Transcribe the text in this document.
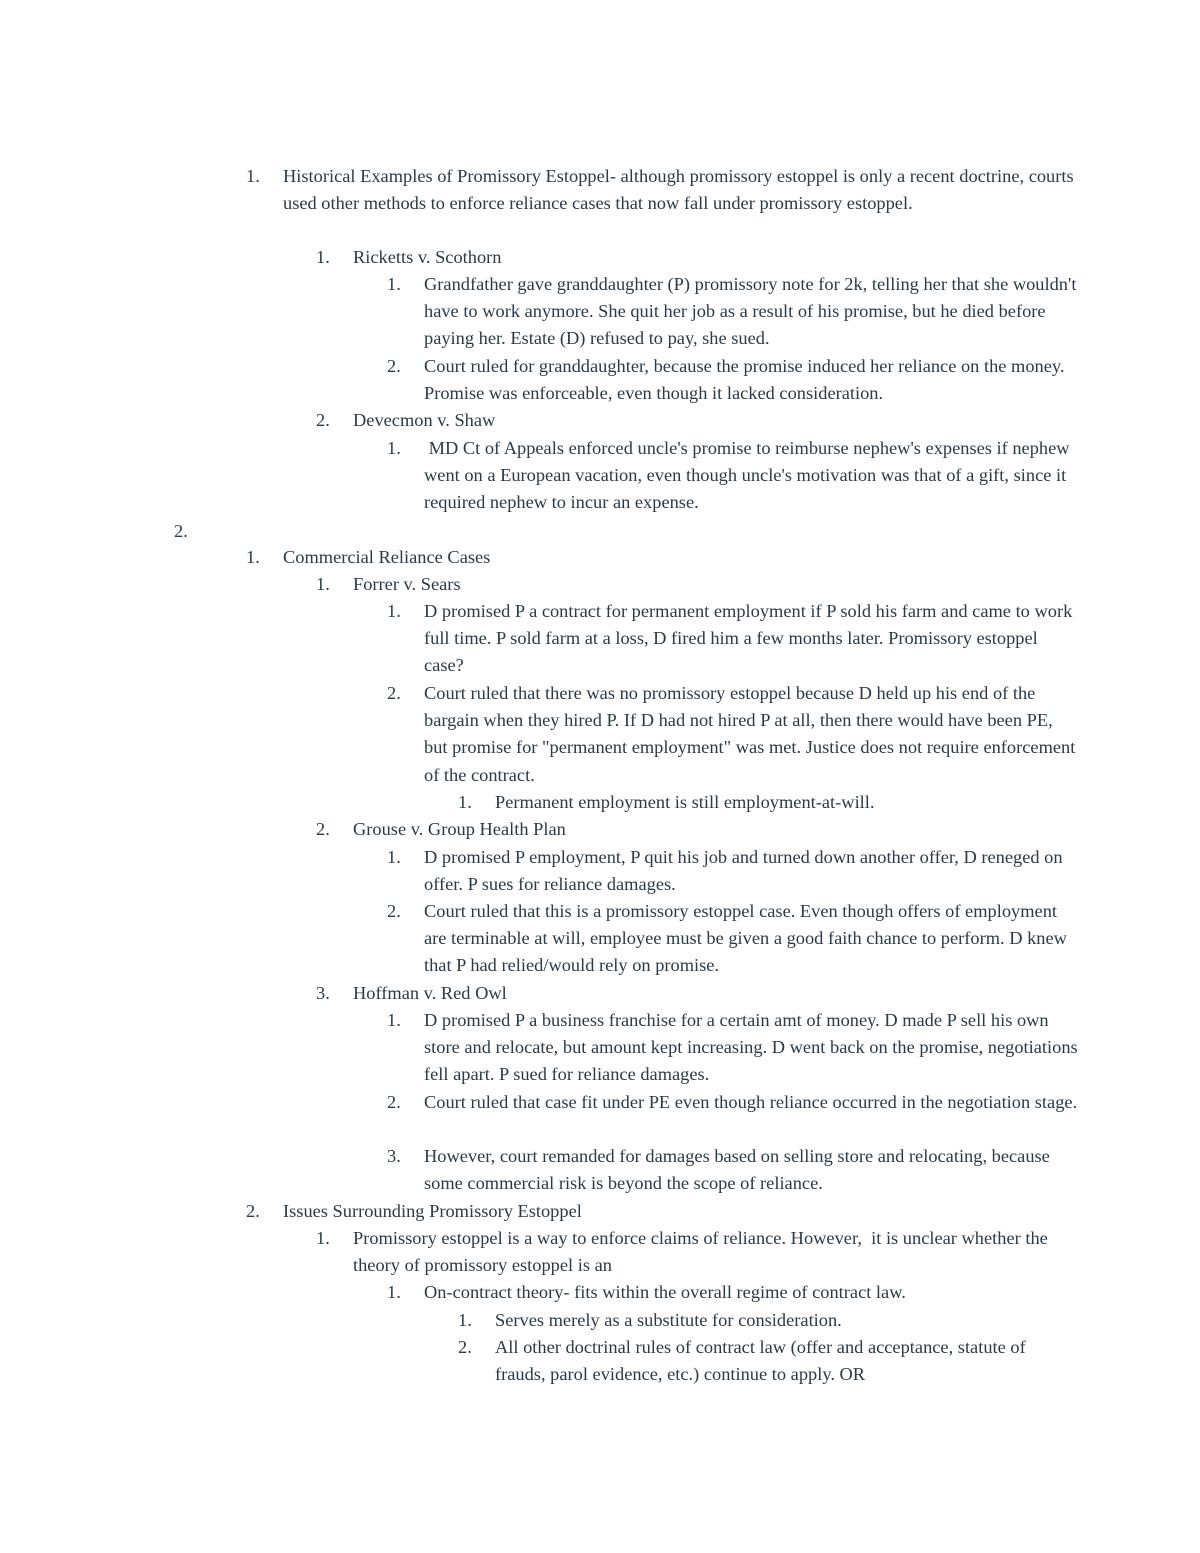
1. Historical Examples of Promissory Estoppel- although promissory estoppel is only a recent doctrine, courts used other methods to enforce reliance cases that now fall under promissory estoppel.
1. Ricketts v. Scothorn
1. Grandfather gave granddaughter (P) promissory note for 2k, telling her that she wouldn't have to work anymore. She quit her job as a result of his promise, but he died before paying her. Estate (D) refused to pay, she sued.
2. Court ruled for granddaughter, because the promise induced her reliance on the money. Promise was enforceable, even though it lacked consideration.
2. Devecmon v. Shaw
1. MD Ct of Appeals enforced uncle's promise to reimburse nephew's expenses if nephew went on a European vacation, even though uncle's motivation was that of a gift, since it required nephew to incur an expense.
2.
1. Commercial Reliance Cases
1. Forrer v. Sears
1. D promised P a contract for permanent employment if P sold his farm and came to work full time. P sold farm at a loss, D fired him a few months later. Promissory estoppel case?
2. Court ruled that there was no promissory estoppel because D held up his end of the bargain when they hired P. If D had not hired P at all, then there would have been PE, but promise for "permanent employment" was met. Justice does not require enforcement of the contract.
1. Permanent employment is still employment-at-will.
2. Grouse v. Group Health Plan
1. D promised P employment, P quit his job and turned down another offer, D reneged on offer. P sues for reliance damages.
2. Court ruled that this is a promissory estoppel case. Even though offers of employment are terminable at will, employee must be given a good faith chance to perform. D knew that P had relied/would rely on promise.
3. Hoffman v. Red Owl
1. D promised P a business franchise for a certain amt of money. D made P sell his own store and relocate, but amount kept increasing. D went back on the promise, negotiations fell apart. P sued for reliance damages.
2. Court ruled that case fit under PE even though reliance occurred in the negotiation stage.
3. However, court remanded for damages based on selling store and relocating, because some commercial risk is beyond the scope of reliance.
2. Issues Surrounding Promissory Estoppel
1. Promissory estoppel is a way to enforce claims of reliance. However,  it is unclear whether the theory of promissory estoppel is an
1. On-contract theory- fits within the overall regime of contract law.
1. Serves merely as a substitute for consideration.
2. All other doctrinal rules of contract law (offer and acceptance, statute of frauds, parol evidence, etc.) continue to apply. OR
